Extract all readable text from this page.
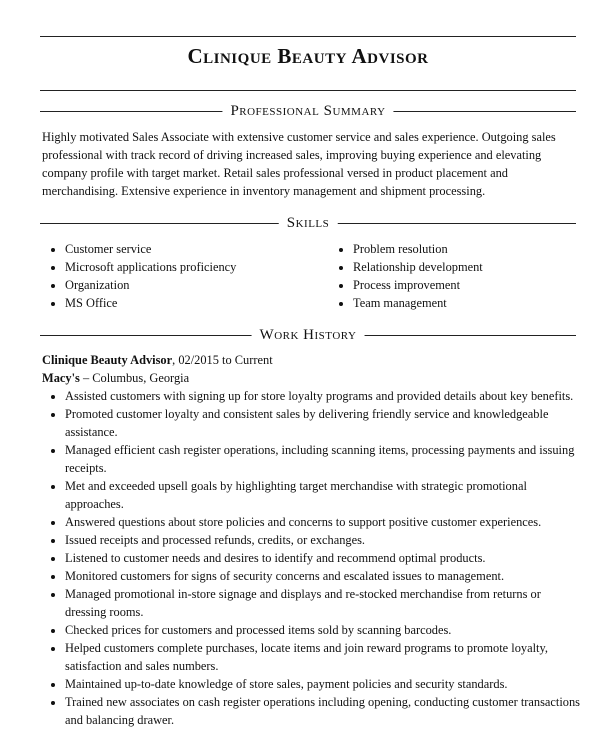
Clinique Beauty Advisor
Professional Summary
Highly motivated Sales Associate with extensive customer service and sales experience. Outgoing sales professional with track record of driving increased sales, improving buying experience and elevating company profile with target market. Retail sales professional versed in product placement and merchandising. Extensive experience in inventory management and shipment processing.
Skills
• Customer service
• Microsoft applications proficiency
• Organization
• MS Office
• Problem resolution
• Relationship development
• Process improvement
• Team management
Work History
Clinique Beauty Advisor, 02/2015 to Current
Macy's – Columbus, Georgia
• Assisted customers with signing up for store loyalty programs and provided details about key benefits.
• Promoted customer loyalty and consistent sales by delivering friendly service and knowledgeable assistance.
• Managed efficient cash register operations, including scanning items, processing payments and issuing receipts.
• Met and exceeded upsell goals by highlighting target merchandise with strategic promotional approaches.
• Answered questions about store policies and concerns to support positive customer experiences.
• Issued receipts and processed refunds, credits, or exchanges.
• Listened to customer needs and desires to identify and recommend optimal products.
• Monitored customers for signs of security concerns and escalated issues to management.
• Managed promotional in-store signage and displays and re-stocked merchandise from returns or dressing rooms.
• Checked prices for customers and processed items sold by scanning barcodes.
• Helped customers complete purchases, locate items and join reward programs to promote loyalty, satisfaction and sales numbers.
• Maintained up-to-date knowledge of store sales, payment policies and security standards.
• Trained new associates on cash register operations including opening, conducting customer transactions and balancing drawer.
